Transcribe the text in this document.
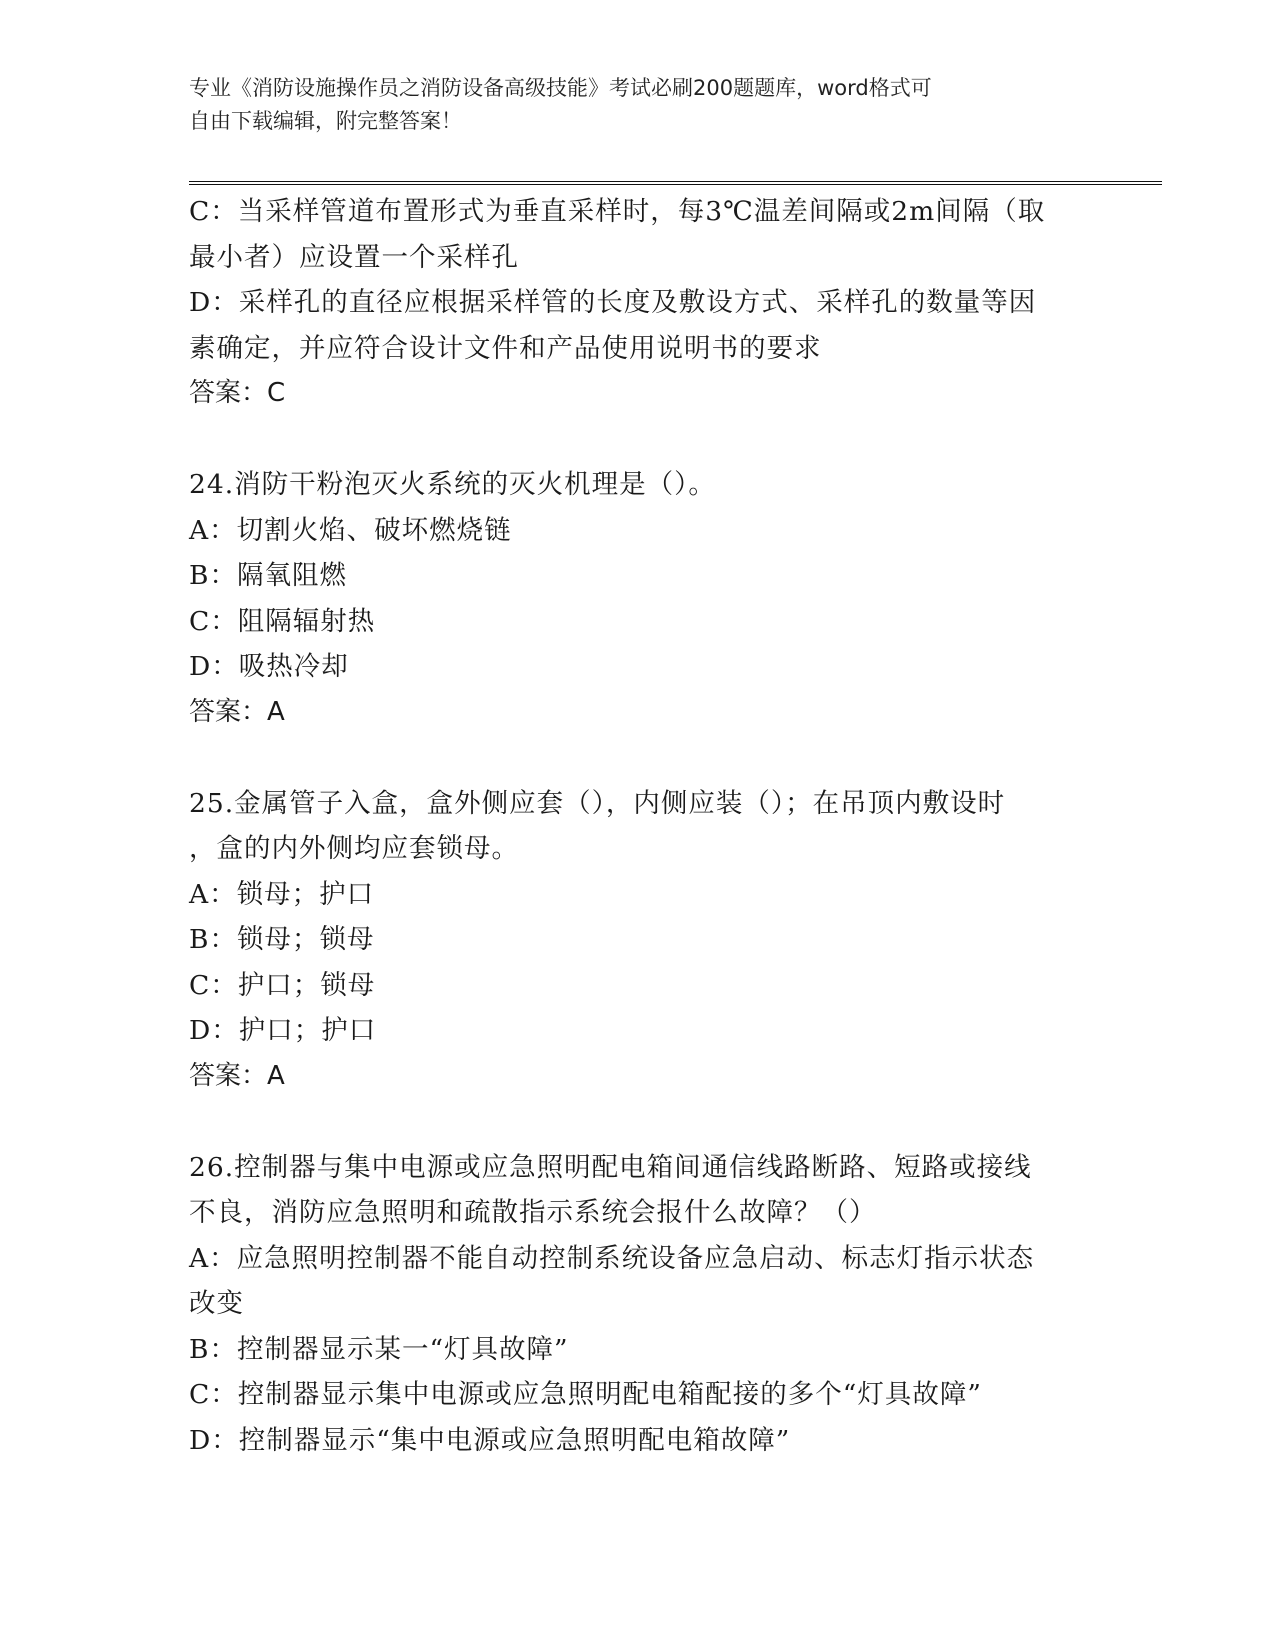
专业《消防设施操作员之消防设备高级技能》考试必刷200题题库，word格式可
自由下载编辑，附完整答案！

C：当采样管道布置形式为垂直采样时，每3℃温差间隔或2m间隔（取

最小者）应设置一个采样孔

D：采样孔的直径应根据采样管的长度及敷设方式、采样孔的数量等因

素确定，并应符合设计文件和产品使用说明书的要求

答案：C

24.消防干粉泡灭火系统的灭火机理是（）。

A：切割火焰、破坏燃烧链

B：隔氧阻燃

C：阻隔辐射热

D：吸热冷却

答案：A

25.金属管子入盒，盒外侧应套（），内侧应装（）；在吊顶内敷设时

，盒的内外侧均应套锁母。

A：锁母；护口

B：锁母；锁母

C：护口；锁母

D：护口；护口

答案：A

26.控制器与集中电源或应急照明配电箱间通信线路断路、短路或接线

不良，消防应急照明和疏散指示系统会报什么故障？（）

A：应急照明控制器不能自动控制系统设备应急启动、标志灯指示状态

改变

B：控制器显示某一“灯具故障”

C：控制器显示集中电源或应急照明配电箱配接的多个“灯具故障”

D：控制器显示“集中电源或应急照明配电箱故障”
